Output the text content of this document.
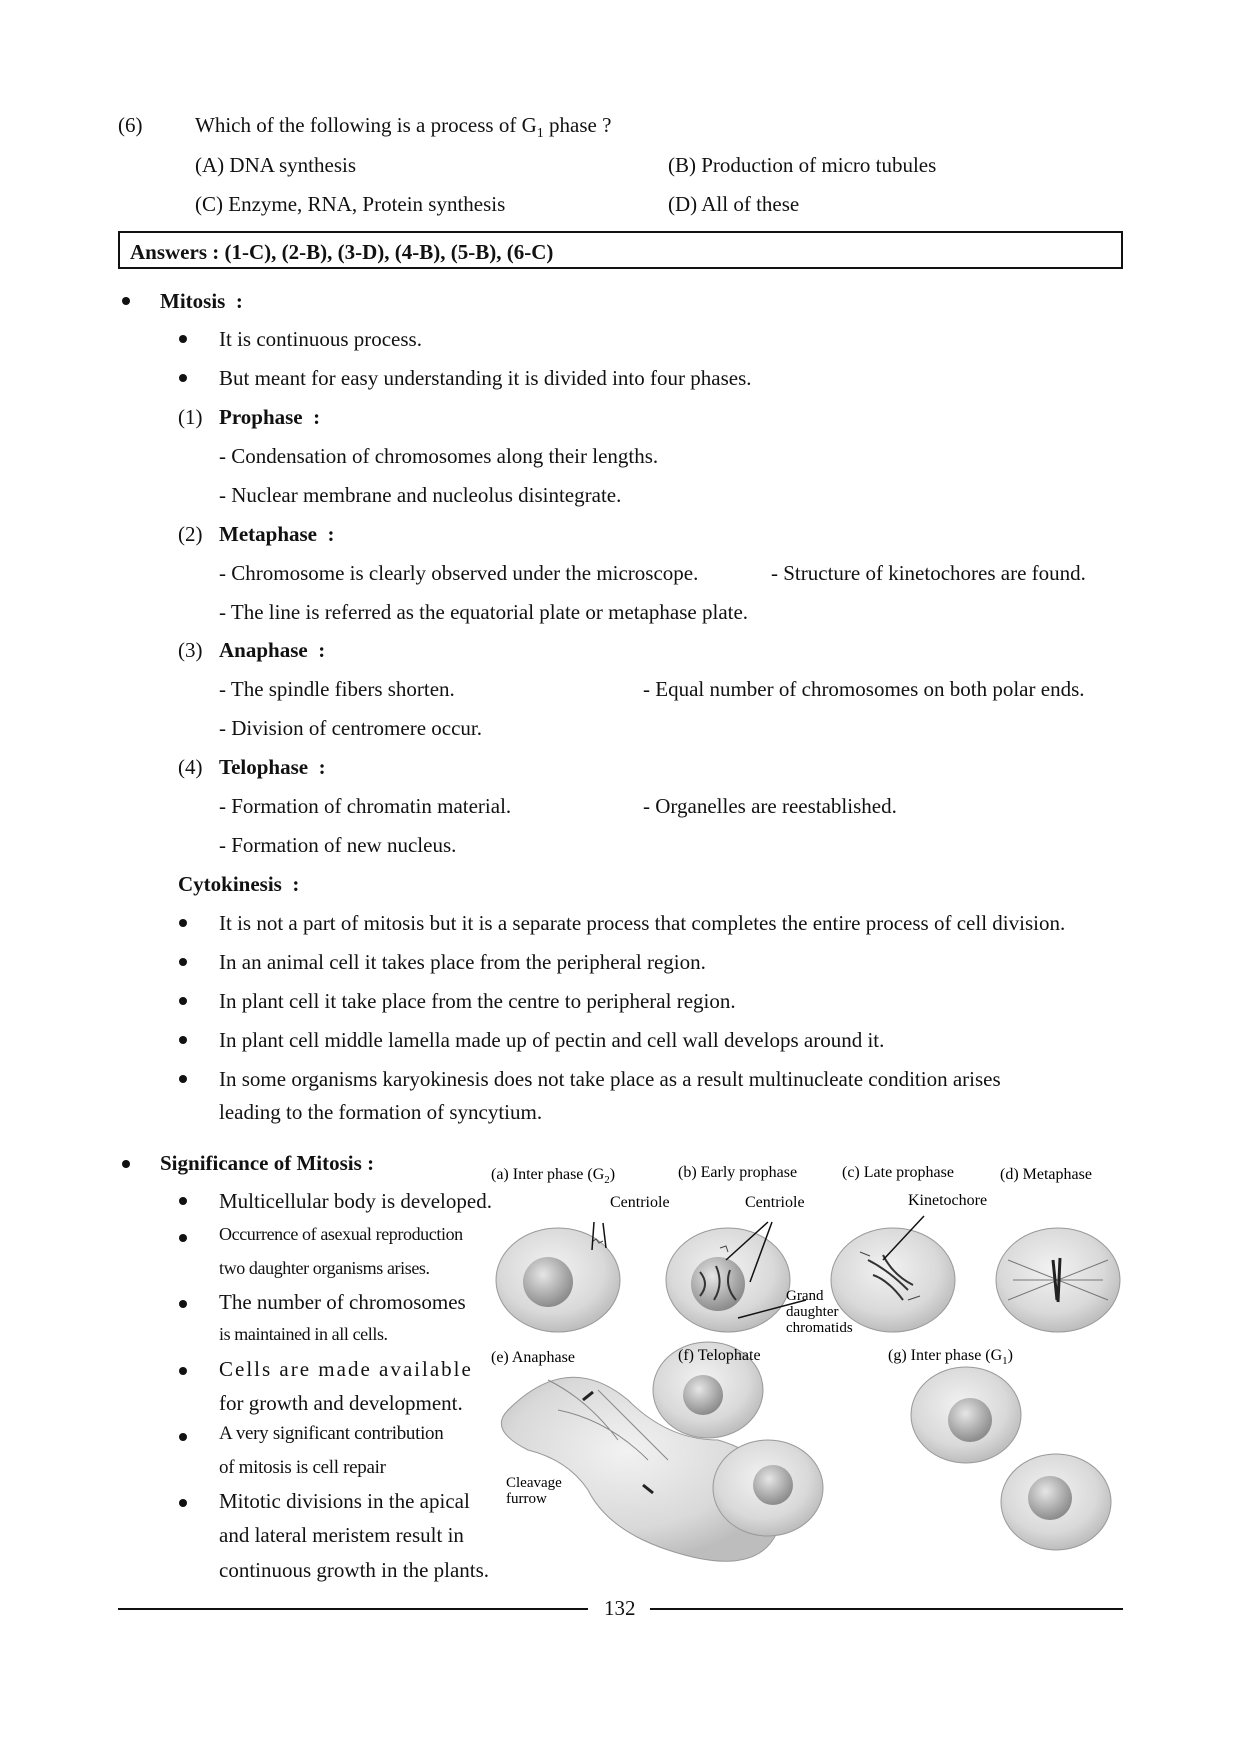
(6)	Which of the following is a process of $G_1$ phase ?
(A) DNA synthesis	(B) Production of micro tubules
(C) Enzyme, RNA, Protein synthesis	(D) All of these
Answers : (1-C), (2-B), (3-D), (4-B), (5-B), (6-C)
Mitosis :
It is continuous process.
But meant for easy understanding it is divided into four phases.
(1) Prophase  :
- Condensation of chromosomes along their lengths.
- Nuclear membrane and nucleolus disintegrate.
(2) Metaphase  :
- Chromosome is clearly observed under the microscope.	- Structure of kinetochores are found.
- The line is referred as the equatorial plate or metaphase plate.
(3) Anaphase  :
- The spindle fibers shorten.	- Equal number of chromosomes on both polar ends.
- Division of centromere occur.
(4) Telophase  :
- Formation of chromatin material.	- Organelles are reestablished.
- Formation of new nucleus.
Cytokinesis :
It is not a part of mitosis but it is a separate process that completes the entire process of cell division.
In an animal cell it takes place from the peripheral region.
In plant cell it take place from the centre to peripheral region.
In plant cell middle lamella made up of pectin and cell wall develops around it.
In some organisms karyokinesis does not take place as a result multinucleate condition arises
leading to the formation of syncytium.
Significance of Mitosis :
Multicellular body is developed.
Occurrence of asexual reproduction
two daughter organisms arises.
The number of chromosomes
is maintained in all cells.
Cells are made available
for growth and development.
A very significant contribution
of mitosis is cell repair
Mitotic divisions in the apical
and lateral meristem result in
continuous growth in the plants.
(a) Inter phase $(G_2)$	(b) Early prophase	(c) Late prophase	(d) Metaphase
(e) Anaphase	(f) Telophate	(g) Inter phase $(G_1)$
Centriole	Centriole	Kinetochore
Grand
daughter
chromatids
Cleavage
furrow
132
